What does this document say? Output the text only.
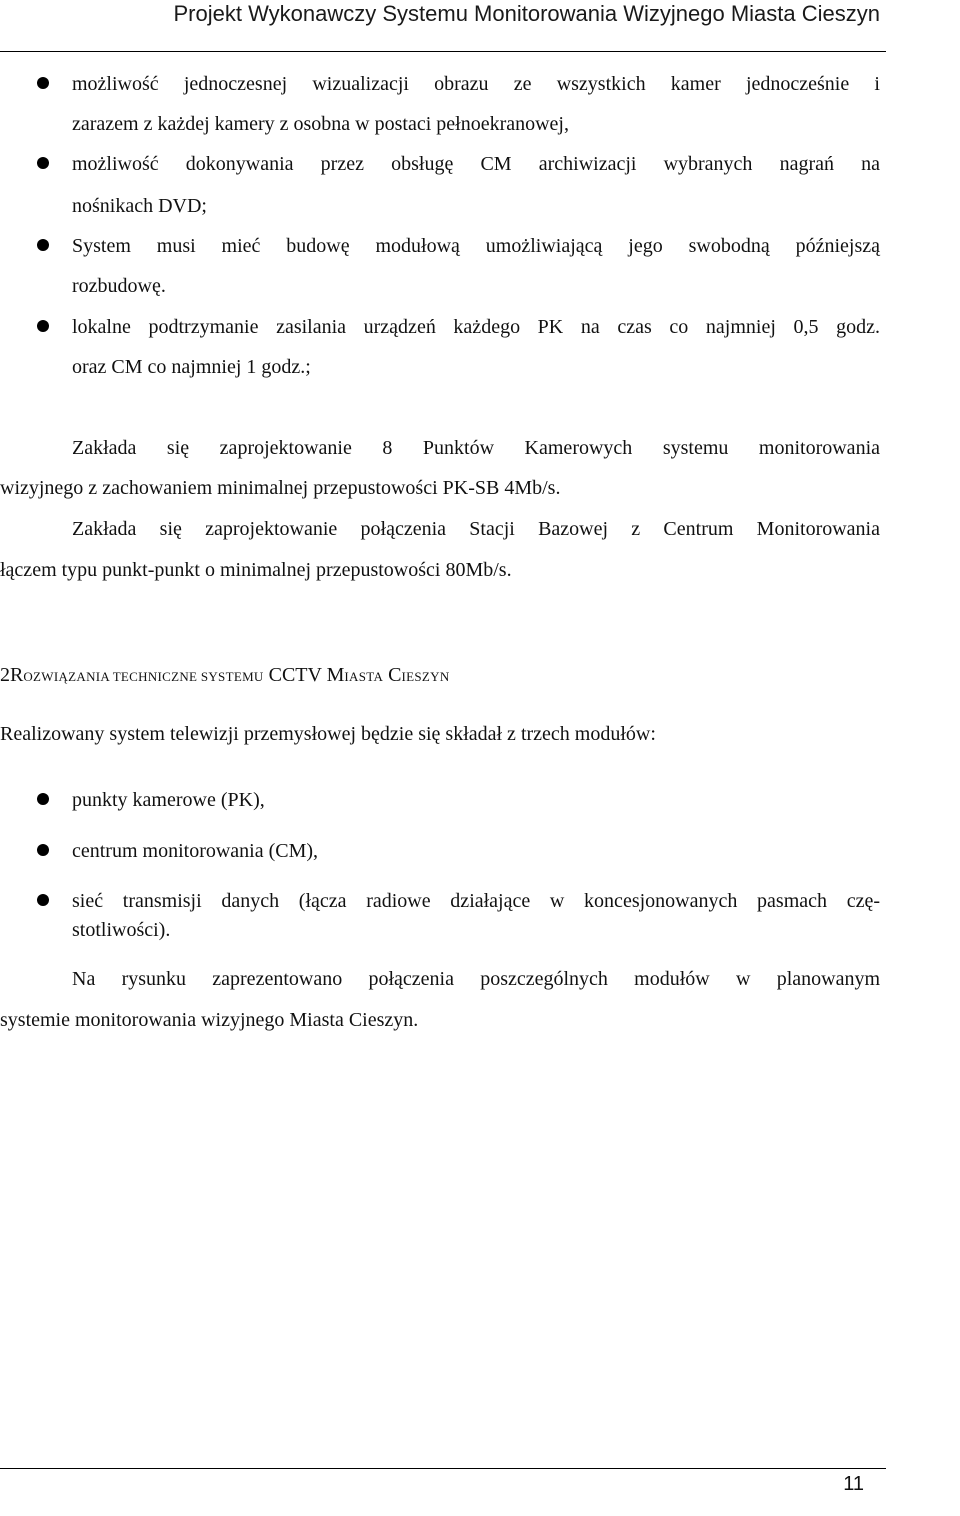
Projekt Wykonawczy Systemu Monitorowania Wizyjnego Miasta Cieszyn
możliwość jednoczesnej wizualizacji obrazu ze wszystkich kamer jednocześnie i
zarazem z każdej kamery z osobna w postaci pełnoekranowej,
możliwość dokonywania przez obsługę CM archiwizacji wybranych nagrań na
nośnikach DVD;
System musi mieć budowę modułową umożliwiającą jego swobodną późniejszą
rozbudowę.
lokalne podtrzymanie zasilania urządzeń każdego PK na czas co najmniej 0,5 godz.
oraz CM co najmniej 1 godz.;
Zakłada się zaprojektowanie 8 Punktów Kamerowych systemu monitorowania
wizyjnego z zachowaniem minimalnej przepustowości PK-SB 4Mb/s.
Zakłada się zaprojektowanie połączenia Stacji Bazowej z Centrum Monitorowania
łączem typu punkt-punkt o minimalnej przepustowości 80Mb/s.
2ROZWIĄZANIA TECHNICZNE SYSTEMU CCTV MIASTA CIESZYN
Realizowany system telewizji przemysłowej będzie się składał z trzech modułów:
punkty kamerowe (PK),
centrum monitorowania (CM),
sieć transmisji danych (łącza radiowe działające w koncesjonowanych pasmach czę-
stotliwości).
Na rysunku zaprezentowano połączenia poszczególnych modułów w planowanym
systemie monitorowania wizyjnego Miasta Cieszyn.
11
